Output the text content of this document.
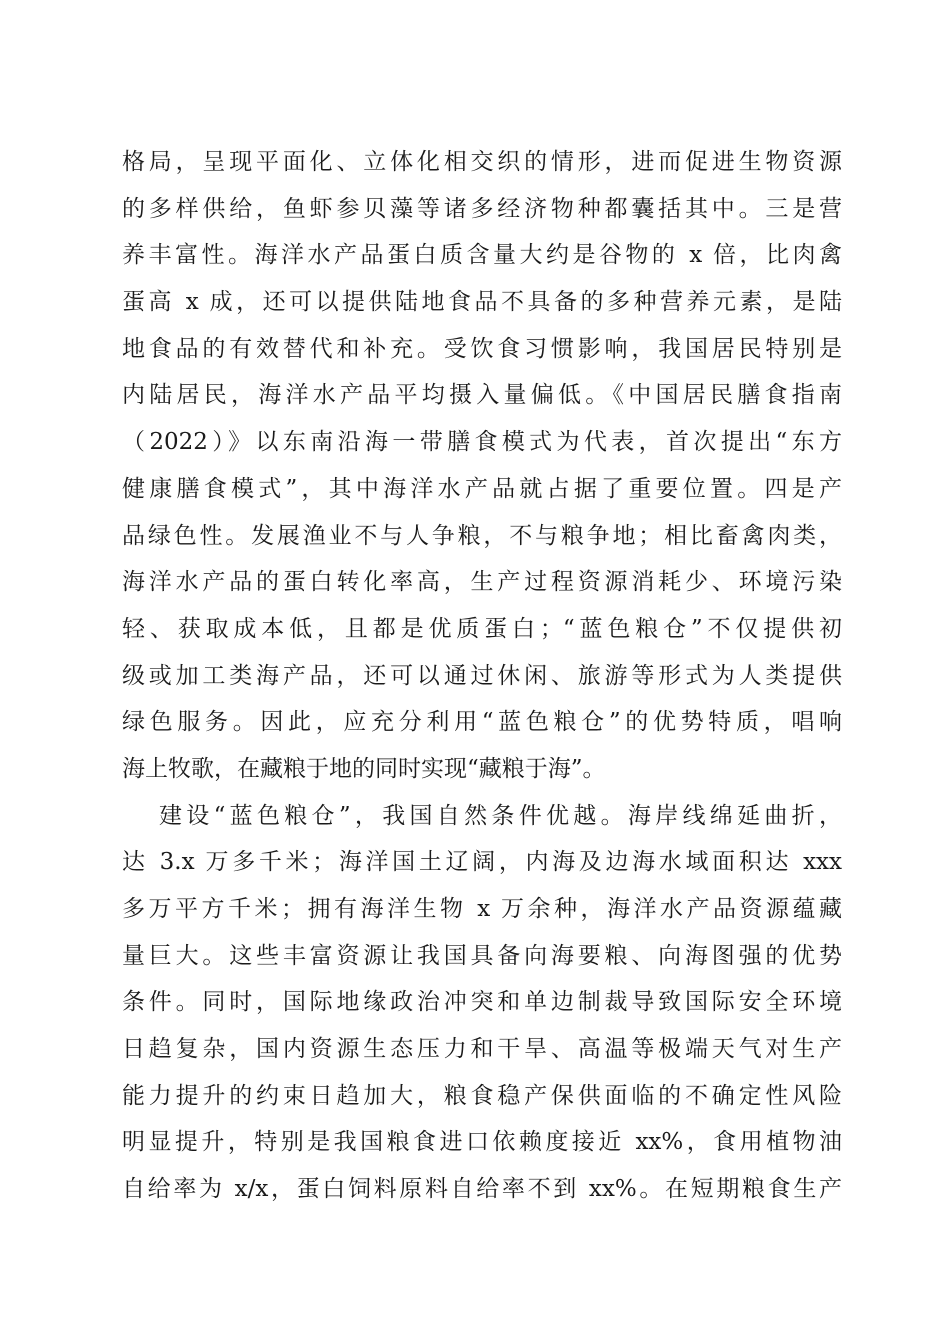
格局，呈现平面化、立体化相交织的情形，进而促进生物资源
的多样供给，鱼虾参贝藻等诸多经济物种都囊括其中。三是营
养丰富性。海洋水产品蛋白质含量大约是谷物的 x 倍，比肉禽
蛋高 x 成，还可以提供陆地食品不具备的多种营养元素，是陆
地食品的有效替代和补充。受饮食习惯影响，我国居民特别是
内陆居民，海洋水产品平均摄入量偏低。《中国居民膳食指南
（2022）》以东南沿海一带膳食模式为代表，首次提出“东方
健康膳食模式”，其中海洋水产品就占据了重要位置。四是产
品绿色性。发展渔业不与人争粮，不与粮争地；相比畜禽肉类，
海洋水产品的蛋白转化率高，生产过程资源消耗少、环境污染
轻、获取成本低，且都是优质蛋白；“蓝色粮仓”不仅提供初
级或加工类海产品，还可以通过休闲、旅游等形式为人类提供
绿色服务。因此，应充分利用“蓝色粮仓”的优势特质，唱响
海上牧歌，在藏粮于地的同时实现“藏粮于海”。
建设“蓝色粮仓”，我国自然条件优越。海岸线绵延曲折，
达 3.x 万多千米；海洋国土辽阔，内海及边海水域面积达 xxx
多万平方千米；拥有海洋生物 x 万余种，海洋水产品资源蕴藏
量巨大。这些丰富资源让我国具备向海要粮、向海图强的优势
条件。同时，国际地缘政治冲突和单边制裁导致国际安全环境
日趋复杂，国内资源生态压力和干旱、高温等极端天气对生产
能力提升的约束日趋加大，粮食稳产保供面临的不确定性风险
明显提升，特别是我国粮食进口依赖度接近 xx%，食用植物油
自给率为 x/x，蛋白饲料原料自给率不到 xx%。在短期粮食生产
